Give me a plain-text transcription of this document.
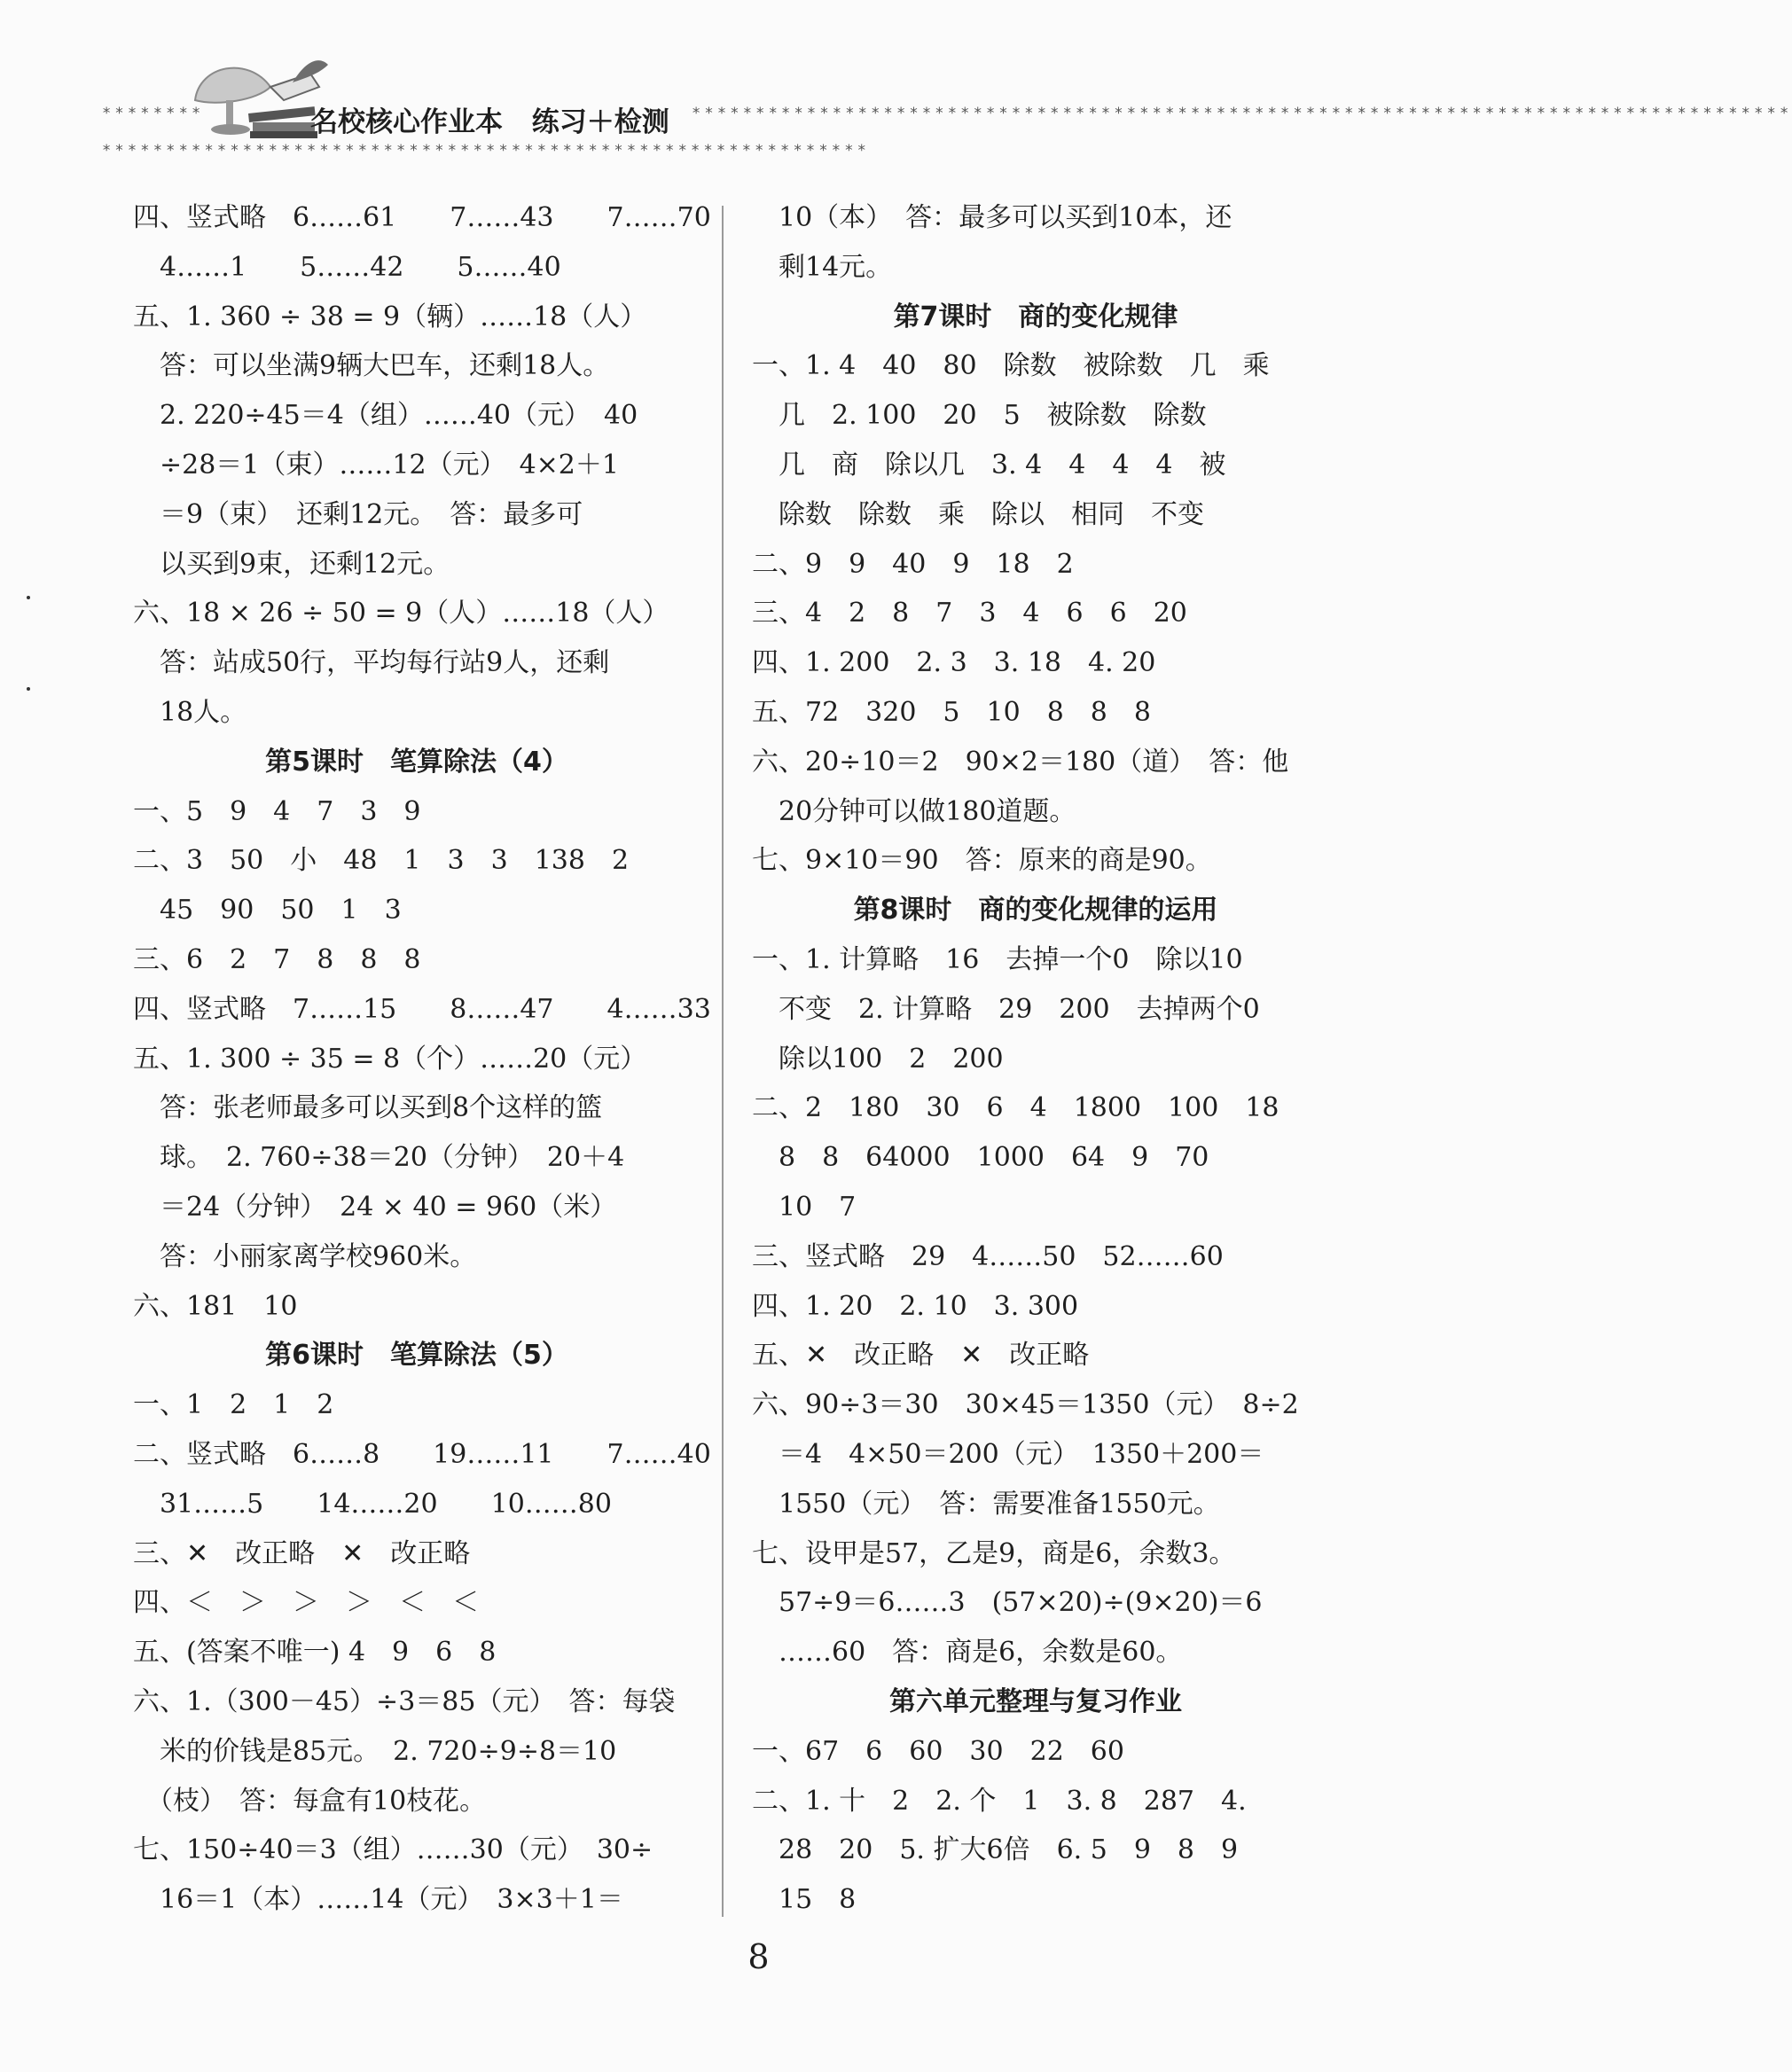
********	**************************************************************************************
************************************************************
名校核心作业本 练习＋检测
四、竖式略　6……61　　7……43　　7……70
　4……1　　5……42　　5……40
五、1. 360 ÷ 38 = 9（辆）……18（人）
　答：可以坐满9辆大巴车，还剩18人。
　2. 220÷45＝4（组）……40（元）　40
　÷28＝1（束）……12（元）　4×2＋1
　＝9（束）　还剩12元。　答：最多可
　以买到9束，还剩12元。
六、18 × 26 ÷ 50 = 9（人）……18（人）
　答：站成50行，平均每行站9人，还剩
　18人。
第5课时　笔算除法（4）
一、5　9　4　7　3　9
二、3　50　小　48　1　3　3　138　2
　45　90　50　1　3
三、6　2　7　8　8　8
四、竖式略　7……15　　8……47　　4……33
五、1. 300 ÷ 35 = 8（个）……20（元）
　答：张老师最多可以买到8个这样的篮
　球。　2. 760÷38＝20（分钟）　20＋4
　＝24（分钟）　24 × 40 = 960（米）
　答：小丽家离学校960米。
六、181　10
第6课时　笔算除法（5）
一、1　2　1　2
二、竖式略　6……8　　19……11　　7……40
　31……5　　14……20　　10……80
三、✕　改正略　✕　改正略
四、＜　＞　＞　＞　＜　＜
五、(答案不唯一) 4　9　6　8
六、1.（300－45）÷3＝85（元）　答：每袋
　米的价钱是85元。　2. 720÷9÷8＝10
　（枝）　答：每盒有10枝花。
七、150÷40＝3（组）……30（元）　30÷
　16＝1（本）……14（元）　3×3＋1＝
　10（本）　答：最多可以买到10本，还
　剩14元。
第7课时　商的变化规律
一、1. 4　40　80　除数　被除数　几　乘
　几　2. 100　20　5　被除数　除数
　几　商　除以几　3. 4　4　4　4　被
　除数　除数　乘　除以　相同　不变
二、9　9　40　9　18　2
三、4　2　8　7　3　4　6　6　20
四、1. 200　2. 3　3. 18　4. 20
五、72　320　5　10　8　8　8
六、20÷10＝2　90×2＝180（道）　答：他
　20分钟可以做180道题。
七、9×10＝90　答：原来的商是90。
第8课时　商的变化规律的运用
一、1. 计算略　16　去掉一个0　除以10
　不变　2. 计算略　29　200　去掉两个0
　除以100　2　200
二、2　180　30　6　4　1800　100　18
　8　8　64000　1000　64　9　70
　10　7
三、竖式略　29　4……50　52……60
四、1. 20　2. 10　3. 300
五、✕　改正略　✕　改正略
六、90÷3＝30　30×45＝1350（元）　8÷2
　＝4　4×50＝200（元）　1350＋200＝
　1550（元）　答：需要准备1550元。
七、设甲是57，乙是9，商是6，余数3。
　57÷9＝6……3　(57×20)÷(9×20)＝6
　……60　答：商是6，余数是60。
第六单元整理与复习作业
一、67　6　60　30　22　60
二、1. 十　2　2. 个　1　3. 8　287　4.
　28　20　5. 扩大6倍　6. 5　9　8　9
　15　8
8
